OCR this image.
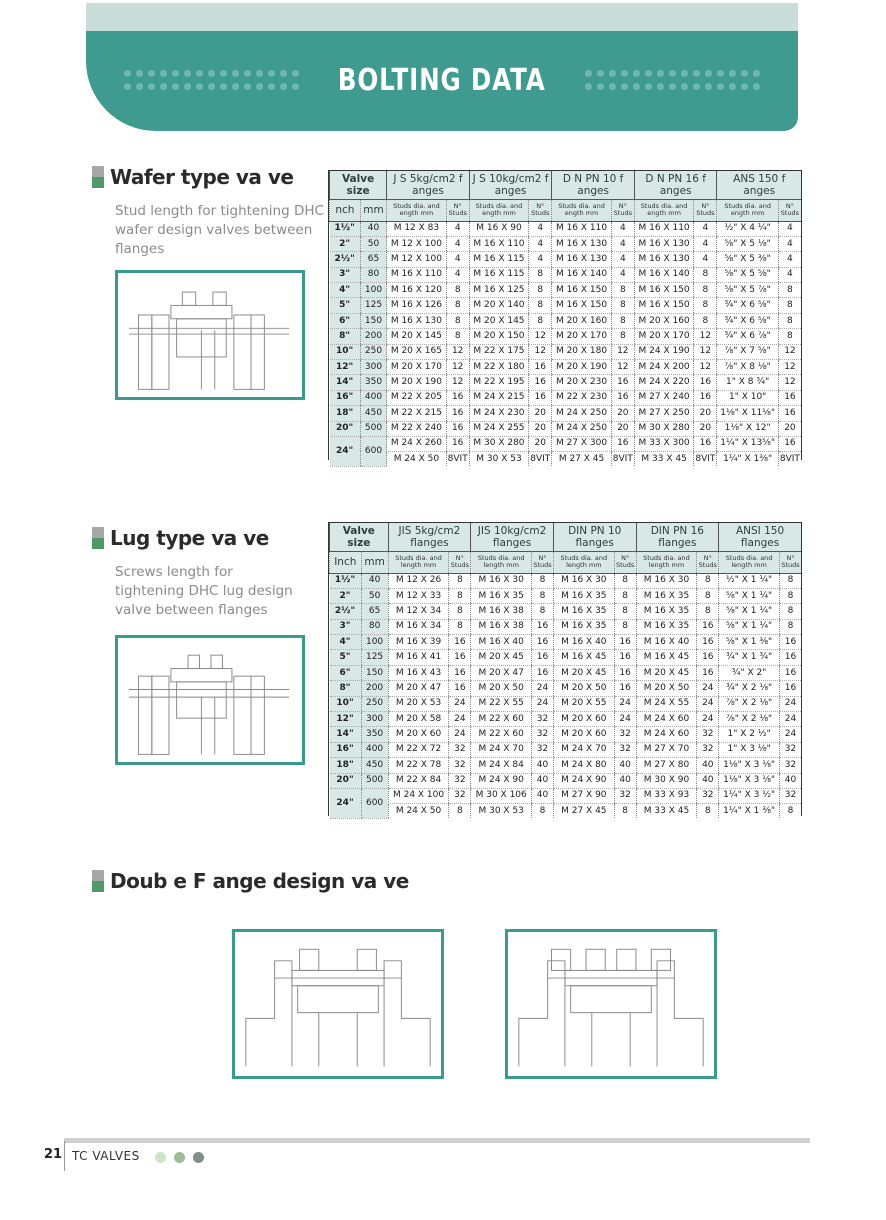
BOLTING DATA
Wafer type va ve
Stud length for tightening DHC
wafer design valves between
flanges
Valve size		J S 5kg/cm2 f anges		J S 10kg/cm2 f anges		D N PN 10 f anges		D N PN 16 f anges		ANS 150 f anges	
nch	mm	Studs dia. and ength mm	N° Studs	Studs dia. and ength mm	N° Studs	Studs dia. and ength mm	N° Studs	Studs dia. and ength mm	N° Studs	Studs dia. and ength mm	N° Studs
1½"	40	M 12 X 83	4	M 16 X 90	4	M 16 X 110	4	M 16 X 110	4	½" X 4 ¼"	4
2"	50	M 12 X 100	4	M 16 X 110	4	M 16 X 130	4	M 16 X 130	4	⅝" X 5 ⅛"	4
2½"	65	M 12 X 100	4	M 16 X 115	4	M 16 X 130	4	M 16 X 130	4	⅝" X 5 ⅜"	4
3"	80	M 16 X 110	4	M 16 X 115	8	M 16 X 140	4	M 16 X 140	8	⅝" X 5 ⅝"	4
4"	100	M 16 X 120	8	M 16 X 125	8	M 16 X 150	8	M 16 X 150	8	⅝" X 5 ⅞"	8
5"	125	M 16 X 126	8	M 20 X 140	8	M 16 X 150	8	M 16 X 150	8	¾" X 6 ⅝"	8
6"	150	M 16 X 130	8	M 20 X 145	8	M 20 X 160	8	M 20 X 160	8	¾" X 6 ⅝"	8
8"	200	M 20 X 145	8	M 20 X 150	12	M 20 X 170	8	M 20 X 170	12	¾" X 6 ⅞"	8
10"	250	M 20 X 165	12	M 22 X 175	12	M 20 X 180	12	M 24 X 190	12	⅞" X 7 ⅝"	12
12"	300	M 20 X 170	12	M 22 X 180	16	M 20 X 190	12	M 24 X 200	12	⅞" X 8 ⅛"	12
14"	350	M 20 X 190	12	M 22 X 195	16	M 20 X 230	16	M 24 X 220	16	1" X 8 ¾"	12
16"	400	M 22 X 205	16	M 24 X 215	16	M 22 X 230	16	M 27 X 240	16	1" X 10"	16
18"	450	M 22 X 215	16	M 24 X 230	20	M 24 X 250	20	M 27 X 250	20	1⅛" X 11⅛"	16
20"	500	M 22 X 240	16	M 24 X 255	20	M 24 X 250	20	M 30 X 280	20	1⅛" X 12"	20
24"	600	M 24 X 260	16	M 30 X 280	20	M 27 X 300	16	M 33 X 300	16	1¼" X 13⅝"	16
		M 24 X 50	8VIT	M 30 X 53	8VIT	M 27 X 45	8VIT	M 33 X 45	8VIT	1¼" X 1⅜"	8VIT
Lug type va ve
Screws length for
tightening DHC lug design
valve between flanges
Valve size		JIS 5kg/cm2 flanges		JIS 10kg/cm2 flanges		DIN PN 10 flanges		DIN PN 16 flanges		ANSI 150 flanges	
Inch	mm	Studs dia. and length mm	N° Studs	Studs dia. and length mm	N° Studs	Studs dia. and length mm	N° Studs	Studs dia. and length mm	N° Studs	Studs dia. and length mm	N° Studs
1½"	40	M 12 X 26	8	M 16 X 30	8	M 16 X 30	8	M 16 X 30	8	½" X 1 ¼"	8
2"	50	M 12 X 33	8	M 16 X 35	8	M 16 X 35	8	M 16 X 35	8	⅝" X 1 ¼"	8
2½"	65	M 12 X 34	8	M 16 X 38	8	M 16 X 35	8	M 16 X 35	8	⅝" X 1 ¼"	8
3"	80	M 16 X 34	8	M 16 X 38	16	M 16 X 35	8	M 16 X 35	16	⅝" X 1 ¼"	8
4"	100	M 16 X 39	16	M 16 X 40	16	M 16 X 40	16	M 16 X 40	16	⅝" X 1 ⅜"	16
5"	125	M 16 X 41	16	M 20 X 45	16	M 16 X 45	16	M 16 X 45	16	¾" X 1 ¾"	16
6"	150	M 16 X 43	16	M 20 X 47	16	M 20 X 45	16	M 20 X 45	16	¾" X 2"	16
8"	200	M 20 X 47	16	M 20 X 50	24	M 20 X 50	16	M 20 X 50	24	¾" X 2 ⅛"	16
10"	250	M 20 X 53	24	M 22 X 55	24	M 20 X 55	24	M 24 X 55	24	⅞" X 2 ⅛"	24
12"	300	M 20 X 58	24	M 22 X 60	32	M 20 X 60	24	M 24 X 60	24	⅞" X 2 ⅛"	24
14"	350	M 20 X 60	24	M 22 X 60	32	M 20 X 60	32	M 24 X 60	32	1" X 2 ½"	24
16"	400	M 22 X 72	32	M 24 X 70	32	M 24 X 70	32	M 27 X 70	32	1" X 3 ⅛"	32
18"	450	M 22 X 78	32	M 24 X 84	40	M 24 X 80	40	M 27 X 80	40	1⅛" X 3 ⅛"	32
20"	500	M 22 X 84	32	M 24 X 90	40	M 24 X 90	40	M 30 X 90	40	1⅛" X 3 ⅛"	40
24"	600	M 24 X 100	32	M 30 X 106	40	M 27 X 90	32	M 33 X 93	32	1¼" X 3 ½"	32
		M 24 X 50	8	M 30 X 53	8	M 27 X 45	8	M 33 X 45	8	1¼" X 1 ⅜"	8
Doub e F ange design va ve
21 TC VALVES
